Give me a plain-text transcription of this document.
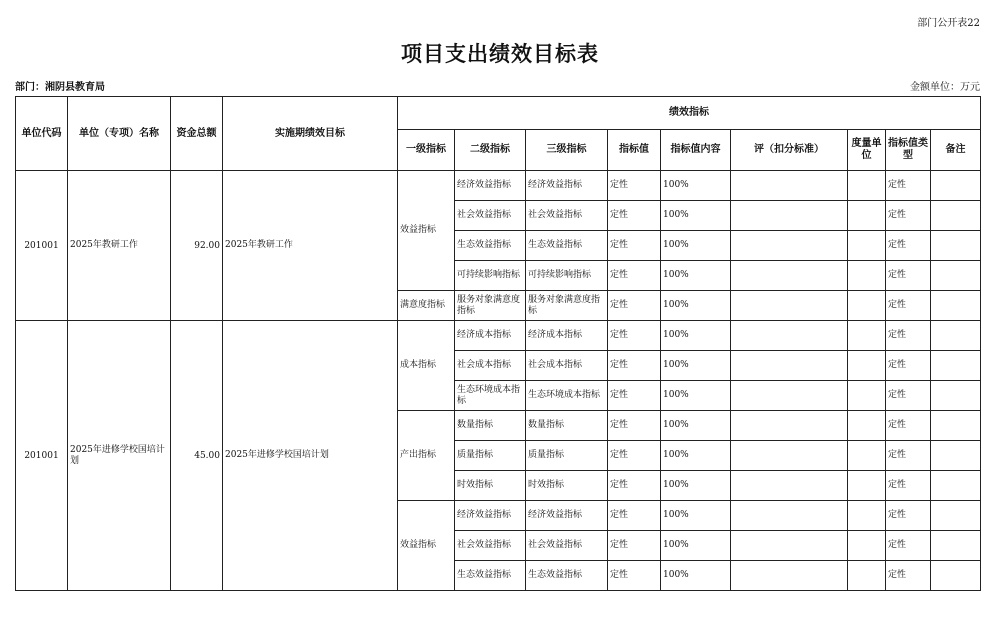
部门公开表22
项目支出绩效目标表
部门：湘阴县教育局	金额单位：万元
单位代码	单位（专项）名称	资金总额	实施期绩效目标	绩效指标								
				一级指标	二级指标	三级指标	指标值	指标值内容	评（扣分标准）	度量单位	指标值类型	备注
201001	2025年教研工作	92.00	2025年教研工作	效益指标	经济效益指标	经济效益指标	定性	100%			定性	
					社会效益指标	社会效益指标	定性	100%			定性	
					生态效益指标	生态效益指标	定性	100%			定性	
					可持续影响指标	可持续影响指标	定性	100%			定性	
				满意度指标	服务对象满意度指标	服务对象满意度指标	定性	100%			定性	
201001	2025年进修学校国培计划	45.00	2025年进修学校国培计划	成本指标	经济成本指标	经济成本指标	定性	100%			定性	
					社会成本指标	社会成本指标	定性	100%			定性	
					生态环境成本指标	生态环境成本指标	定性	100%			定性	
				产出指标	数量指标	数量指标	定性	100%			定性	
					质量指标	质量指标	定性	100%			定性	
					时效指标	时效指标	定性	100%			定性	
				效益指标	经济效益指标	经济效益指标	定性	100%			定性	
					社会效益指标	社会效益指标	定性	100%			定性	
					生态效益指标	生态效益指标	定性	100%			定性	
